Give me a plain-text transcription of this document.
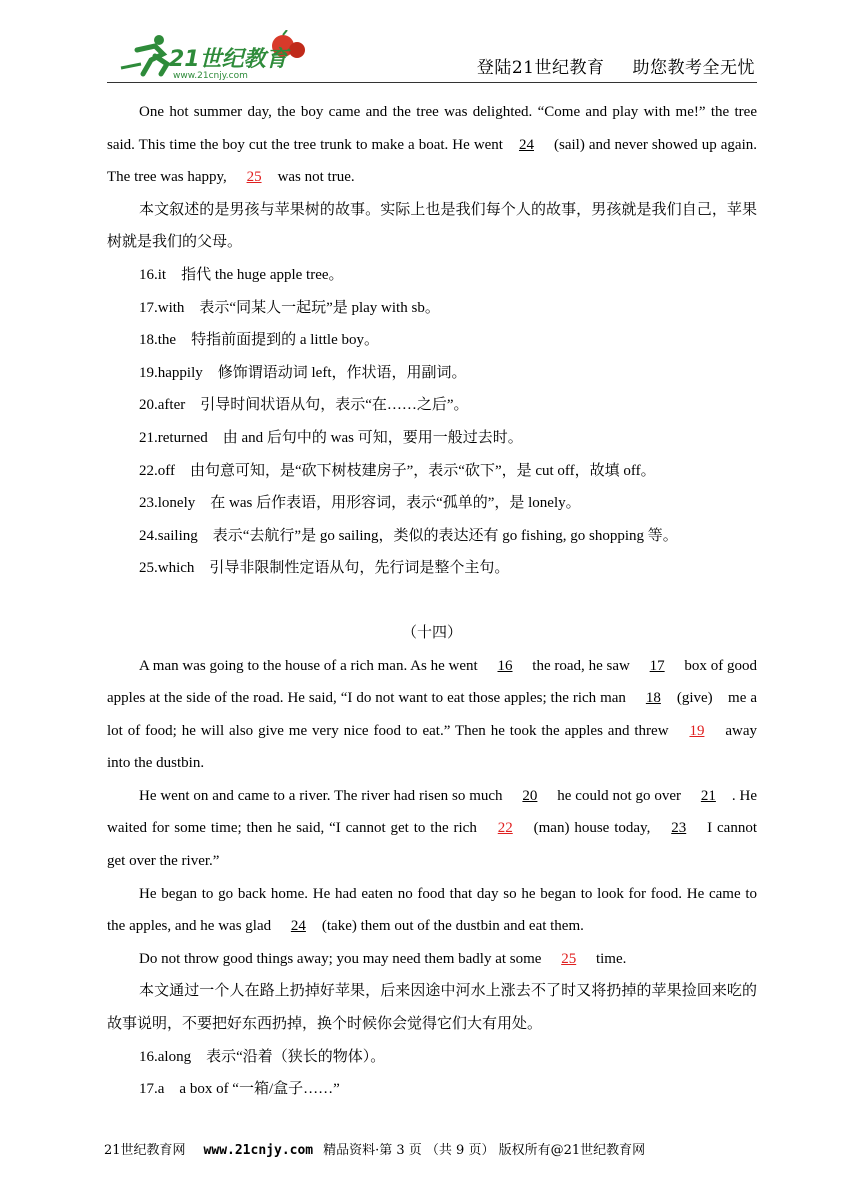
21世纪教育
www.21cnjy.com	登陆21世纪教育 助您教考全无忧

One hot summer day, the boy came and the tree was delighted. “Come and play with me!” the tree said. This time the boy cut the tree trunk to make a boat. He went 24 (sail) and never showed up again. The tree was happy, 25 was not true.

本文叙述的是男孩与苹果树的故事。实际上也是我们每个人的故事，男孩就是我们自己，苹果树就是我们的父母。

16.it　指代 the huge apple tree。

17.with　表示“同某人一起玩”是 play with sb。

18.the　特指前面提到的 a little boy。

19.happily　修饰谓语动词 left，作状语，用副词。

20.after　引导时间状语从句，表示“在……之后”。

21.returned　由 and 后句中的 was 可知，要用一般过去时。

22.off　由句意可知，是“砍下树枝建房子”，表示“砍下”，是 cut off，故填 off。

23.lonely　在 was 后作表语，用形容词，表示“孤单的”，是 lonely。

24.sailing　表示“去航行”是 go sailing，类似的表达还有 go fishing, go shopping 等。

25.which　引导非限制性定语从句，先行词是整个主句。

（十四）

A man was going to the house of a rich man. As he went 16 the road, he saw 17 box of good apples at the side of the road. He said, “I do not want to eat those apples; the rich man 18 (give)　me a lot of food; he will also give me very nice food to eat.” Then he took the apples and threw 19 away into the dustbin.

He went on and came to a river. The river had risen so much 20 he could not go over 21 . He waited for some time; then he said, “I cannot get to the rich 22 (man) house today, 23 I cannot get over the river.”

He began to go back home. He had eaten no food that day so he began to look for food. He came to the apples, and he was glad 24 (take) them out of the dustbin and eat them.

Do not throw good things away; you may need them badly at some 25 time.

本文通过一个人在路上扔掉好苹果，后来因途中河水上涨去不了时又将扔掉的苹果捡回来吃的故事说明，不要把好东西扔掉，换个时候你会觉得它们大有用处。

16.along　表示“沿着（狭长的物体）。

17.a　a box of “一箱/盒子……”

21世纪教育网 www.21cnjy.com 精品资料·第 3 页 （共 9 页） 版权所有@21世纪教育网
